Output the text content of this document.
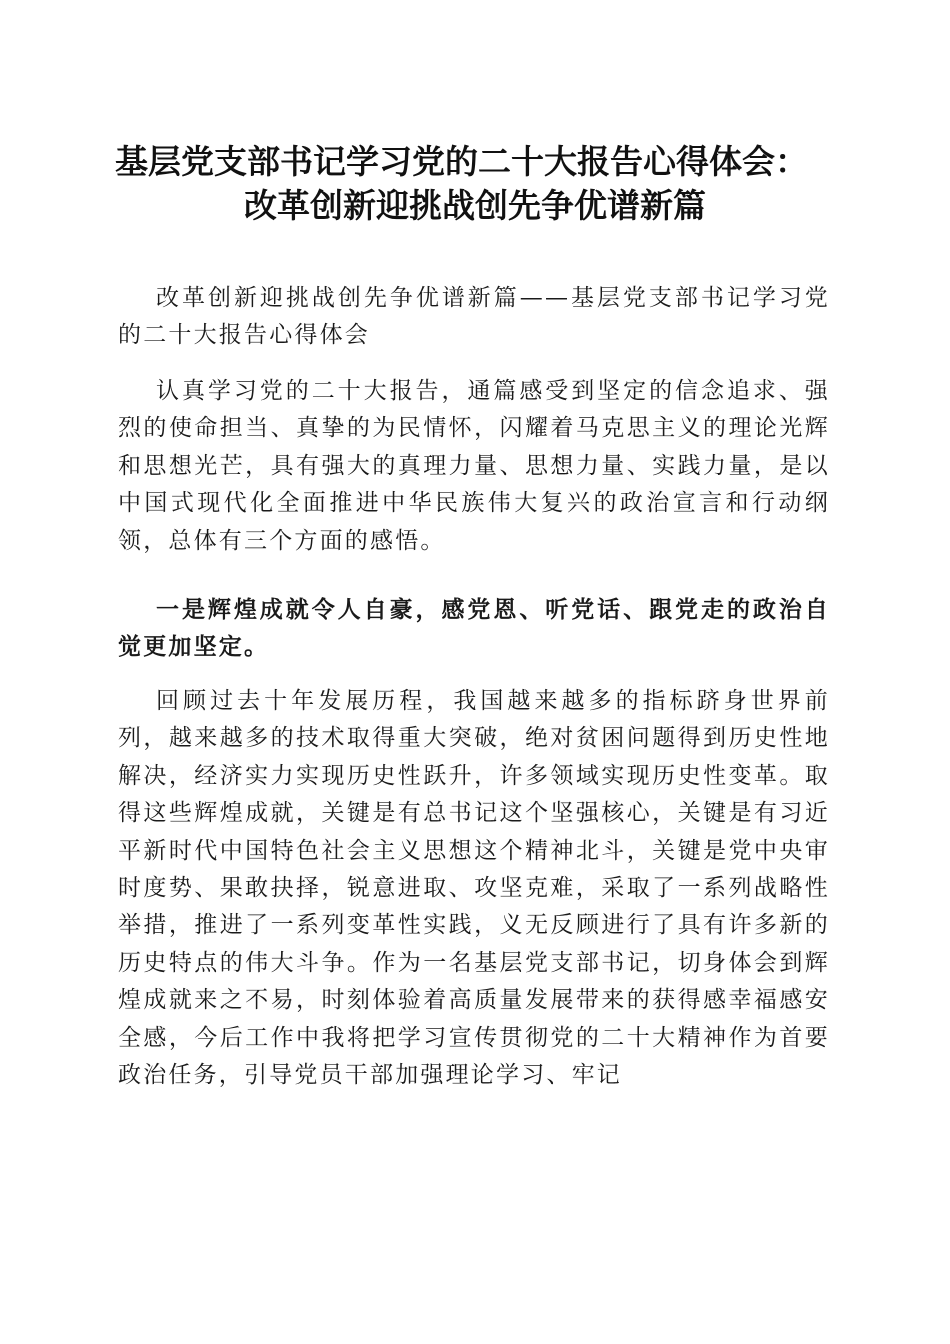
基层党支部书记学习党的二十大报告心得体会：
改革创新迎挑战创先争优谱新篇

改革创新迎挑战创先争优谱新篇——基层党支部书记学习党的二十大报告心得体会

认真学习党的二十大报告，通篇感受到坚定的信念追求、强烈的使命担当、真挚的为民情怀，闪耀着马克思主义的理论光辉和思想光芒，具有强大的真理力量、思想力量、实践力量，是以中国式现代化全面推进中华民族伟大复兴的政治宣言和行动纲领，总体有三个方面的感悟。

一是辉煌成就令人自豪，感党恩、听党话、跟党走的政治自觉更加坚定。

回顾过去十年发展历程，我国越来越多的指标跻身世界前列，越来越多的技术取得重大突破，绝对贫困问题得到历史性地解决，经济实力实现历史性跃升，许多领域实现历史性变革。取得这些辉煌成就，关键是有总书记这个坚强核心，关键是有习近平新时代中国特色社会主义思想这个精神北斗，关键是党中央审时度势、果敢抉择，锐意进取、攻坚克难，采取了一系列战略性举措，推进了一系列变革性实践，义无反顾进行了具有许多新的历史特点的伟大斗争。作为一名基层党支部书记，切身体会到辉煌成就来之不易，时刻体验着高质量发展带来的获得感幸福感安全感，今后工作中我将把学习宣传贯彻党的二十大精神作为首要政治任务，引导党员干部加强理论学习、牢记
